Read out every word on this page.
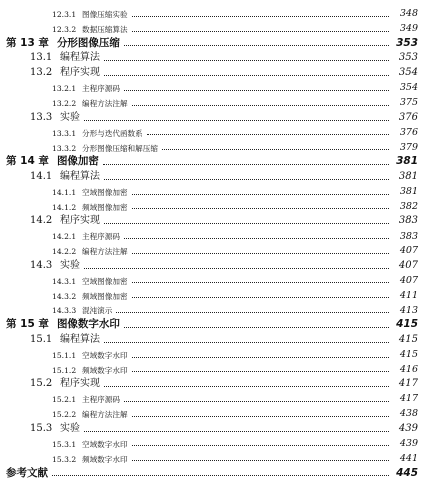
12.3.1 图像压缩实验	348
12.3.2 数据压缩算法	349
第 13 章 分形图像压缩	353
13.1 编程算法	353
13.2 程序实现	354
13.2.1 主程序源码	354
13.2.2 编程方法注解	375
13.3 实验	376
13.3.1 分形与迭代函数系	376
13.3.2 分形图像压缩和解压缩	379
第 14 章 图像加密	381
14.1 编程算法	381
14.1.1 空域图像加密	381
14.1.2 频域图像加密	382
14.2 程序实现	383
14.2.1 主程序源码	383
14.2.2 编程方法注解	407
14.3 实验	407
14.3.1 空域图像加密	407
14.3.2 频域图像加密	411
14.3.3 混沌演示	413
第 15 章 图像数字水印	415
15.1 编程算法	415
15.1.1 空域数字水印	415
15.1.2 频域数字水印	416
15.2 程序实现	417
15.2.1 主程序源码	417
15.2.2 编程方法注解	438
15.3 实验	439
15.3.1 空域数字水印	439
15.3.2 频域数字水印	441
参考文献	445
